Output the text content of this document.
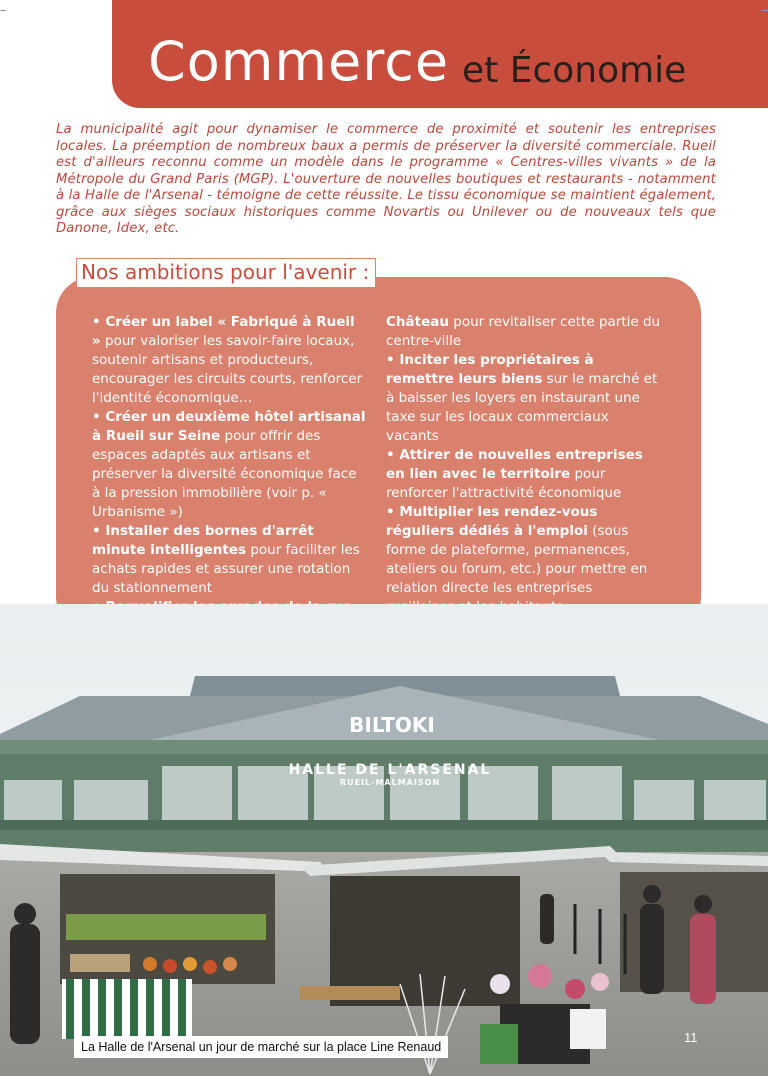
Commerce et Économie

La municipalité agit pour dynamiser le commerce de proximité et soutenir les entreprises locales. La préemption de nombreux baux a permis de préserver la diversité commerciale. Rueil est d'ailleurs reconnu comme un modèle dans le programme « Centres-villes vivants » de la Métropole du Grand Paris (MGP). L'ouverture de nouvelles boutiques et restaurants - notamment à la Halle de l'Arsenal - témoigne de cette réussite. Le tissu économique se maintient également, grâce aux sièges sociaux historiques comme Novartis ou Unilever ou de nouveaux tels que Danone, Idex, etc.

Nos ambitions pour l'avenir :

• Créer un label « Fabriqué à Rueil » pour valoriser les savoir-faire locaux, soutenir artisans et producteurs, encourager les circuits courts, renforcer l'identité économique…

• Créer un deuxième hôtel artisanal à Rueil sur Seine pour offrir des espaces adaptés aux artisans et préserver la diversité économique face à la pression immobilière (voir p. « Urbanisme »)

• Installer des bornes d'arrêt minute intelligentes pour faciliter les achats rapides et assurer une rotation du stationnement

Château pour revitaliser cette partie du centre-ville

• Inciter les propriétaires à remettre leurs biens sur le marché et à baisser les loyers en instaurant une taxe sur les locaux commerciaux vacants

• Attirer de nouvelles entreprises en lien avec le territoire pour renforcer l'attractivité économique

• Multiplier les rendez-vous réguliers dédiés à l'emploi (sous forme de plateforme, permanences, ateliers ou forum, etc.) pour mettre en relation directe les entreprises

BILTOKI
HALLE DE L'ARSENAL
RUEIL-MALMAISON
La Halle de l'Arsenal un jour de marché sur la place Line Renaud
11
